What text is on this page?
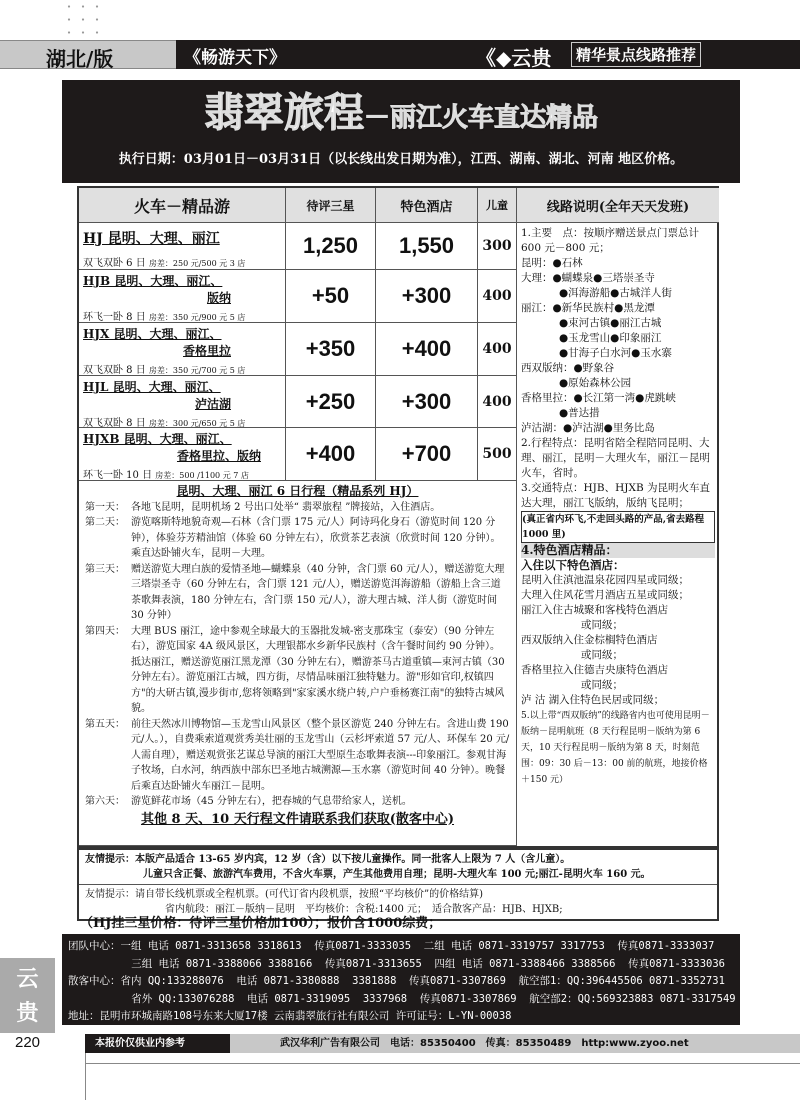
湖北/版	《畅游天下》	《◆云贵	精华景点线路推荐
翡翠旅程－丽江火车直达精品
执行日期：03月01日－03月31日（以长线出发日期为准），江西、湖南、湖北、河南 地区价格。
火车－精品游	待评三星	特色酒店	儿童	线路说明(全年天天发班)
HJ 昆明、大理、丽江
双飞双卧 6 日 房差：250 元/500 元 3 店
1,250	1,550	300
HJB 昆明、大理、丽江、
版纳
环飞一卧 8 日 房差：350 元/900 元 5 店
+50	+300	400
HJX 昆明、大理、丽江、
香格里拉
双飞双卧 8 日 房差：350 元/700 元 5 店
+350	+400	400
HJL 昆明、大理、丽江、
泸沽湖
双飞双卧 8 日 房差：300 元/650 元 5 店
+250	+300	400
HJXB 昆明、大理、丽江、
香格里拉、版纳
环飞一卧 10 日 房差：500 /1100 元 7 店
+400	+700	500
昆明、大理、丽江 6 日行程（精品系列 HJ）
第一天： 各地飞昆明，昆明机场 2 号出口处举“ 翡翠旅程 ”牌接站，入住酒店。
第二天： 游览喀斯特地貌奇观—石林（含门票 175 元/人）阿诗玛化身石（游览时间 120 分钟），体验芬芳精油馆（体验 60 分钟左右），欣赏茶艺表演（欣赏时间 120 分钟）。乘直达卧铺火车，昆明－大理。
第三天： 赠送游览大理白族的爱情圣地—蝴蝶泉（40 分钟，含门票 60 元/人），赠送游览大理三塔崇圣寺（60 分钟左右，含门票 121 元/人），赠送游览洱海游船（游船上含三道茶歌舞表演，180 分钟左右，含门票 150 元/人），游大理古城、洋人街（游览时间 30 分钟）
第四天： 大理 BUS 丽江，途中参观全球最大的玉器批发城-密支那珠宝（泰安）（90 分钟左右），游览国家 4A 级风景区，大理银都水乡新华民族村（含午餐时间约 90 分钟）。抵达丽江，赠送游览丽江黑龙潭（30 分钟左右），赠游茶马古道重镇—束河古镇（30 分钟左右）。游览丽江古城，四方街，尽情品味丽江独特魅力。游"形如官印,权镇四方"的大研古镇,漫步街市,您将领略到"家家溪水绕户转,户户垂杨赛江南"的独特古城风貌。
第五天： 前往天然冰川博物馆—玉龙雪山风景区（整个景区游览 240 分钟左右。含进山费 190 元/人。），自费乘索道观赏秀美壮丽的玉龙雪山（云杉坪索道 57 元/人、环保车 20 元/人需自理），赠送观赏张艺谋总导演的丽江大型原生态歌舞表演---印象丽江。参观甘海子牧场，白水河，纳西族中部东巴圣地古城溯源—玉水寨（游览时间 40 分钟）。晚餐后乘直达卧铺火车丽江－昆明。
第六天： 游览鲜花市场（45 分钟左右），把春城的气息带给家人，送机。
其他 8 天、10 天行程文件请联系我们获取(散客中心)

1.主要　点：按顺序赠送景点门票总计 600 元－800 元；

昆明：●石林

大理：●蝴蝶泉●三塔崇圣寺

●洱海游船●古城洋人街

丽江：●新华民族村●黑龙潭

●束河古镇●丽江古城

●玉龙雪山●印象丽江

●甘海子白水河●玉水寨

西双版纳：●野象谷

●原始森林公园

香格里拉：●长江第一湾●虎跳峡

●普达措

泸沽湖：●泸沽湖●里务比岛

2.行程特点：昆明省陪全程陪同昆明、大理、丽江，昆明－大理火车，丽江－昆明火车，省时。

3.交通特点：HJB、HJXB 为昆明火车直达大理，丽江飞版纳，版纳飞昆明；

(真正省内环飞,不走回头路的产品,省去路程 1000 里)

4.特色酒店精品：

入住以下特色酒店：

昆明入住滇池温泉花园四星或同级；

大理入住风花雪月酒店五星或同级；

丽江入住古城聚和客栈特色酒店

或同级；

西双版纳入住金棕榈特色酒店

或同级；

香格里拉入住德吉央康特色酒店

或同级；

泸 沽 湖入住特色民居或同级；

5.以上带“西双版纳”的线路省内也可使用昆明－版纳－昆明航班（8 天行程昆明－版纳为第 6 天，10 天行程昆明－版纳为第 8 天，时刻范围：09：30 后－13：00 前的航班，地接价格＋150 元）

友情提示：本版产品适合 13-65 岁内宾，12 岁（含）以下按儿童操作。同一批客人上限为 7 人（含儿童）。

儿童只含正餐、旅游汽车费用，不含火车票，产生其他费用自理；昆明-大理火车 100 元;丽江-昆明火车 160 元。

友情提示：请自带长线机票或全程机票。(可代订省内段机票，按照“平均核价”的价格结算)

省内航段：丽江－版纳－昆明　平均核价：含税:1400 元；　适合散客产品：HJB、HJXB;

（HJ挂三星价格：待评三星价格加100）；报价含1000综费；
团队中心：一组 电话 0871-3313658 3318613  传真0871-3333035  二组 电话 0871-3319757 3317753  传真0871-3333037
三组 电话 0871-3388066 3388166  传真0871-3313655  四组 电话 0871-3388466 3388566  传真0871-3333036
散客中心：省内 QQ:133288076  电话 0871-3380888  3381888  传真0871-3307869  航空部1：QQ:396445506 0871-3352731
省外 QQ:133076288  电话 0871-3319095  3337968  传真0871-3307869  航空部2：QQ:569323883 0871-3317549
地址：昆明市环城南路108号东来大厦17楼 云南翡翠旅行社有限公司 许可证号：L-YN-00038
云
贵
220	武汉华利广告有限公司　电话：85350400　传真：85350489　http:www.zyoo.net
本报价仅供业内参考
